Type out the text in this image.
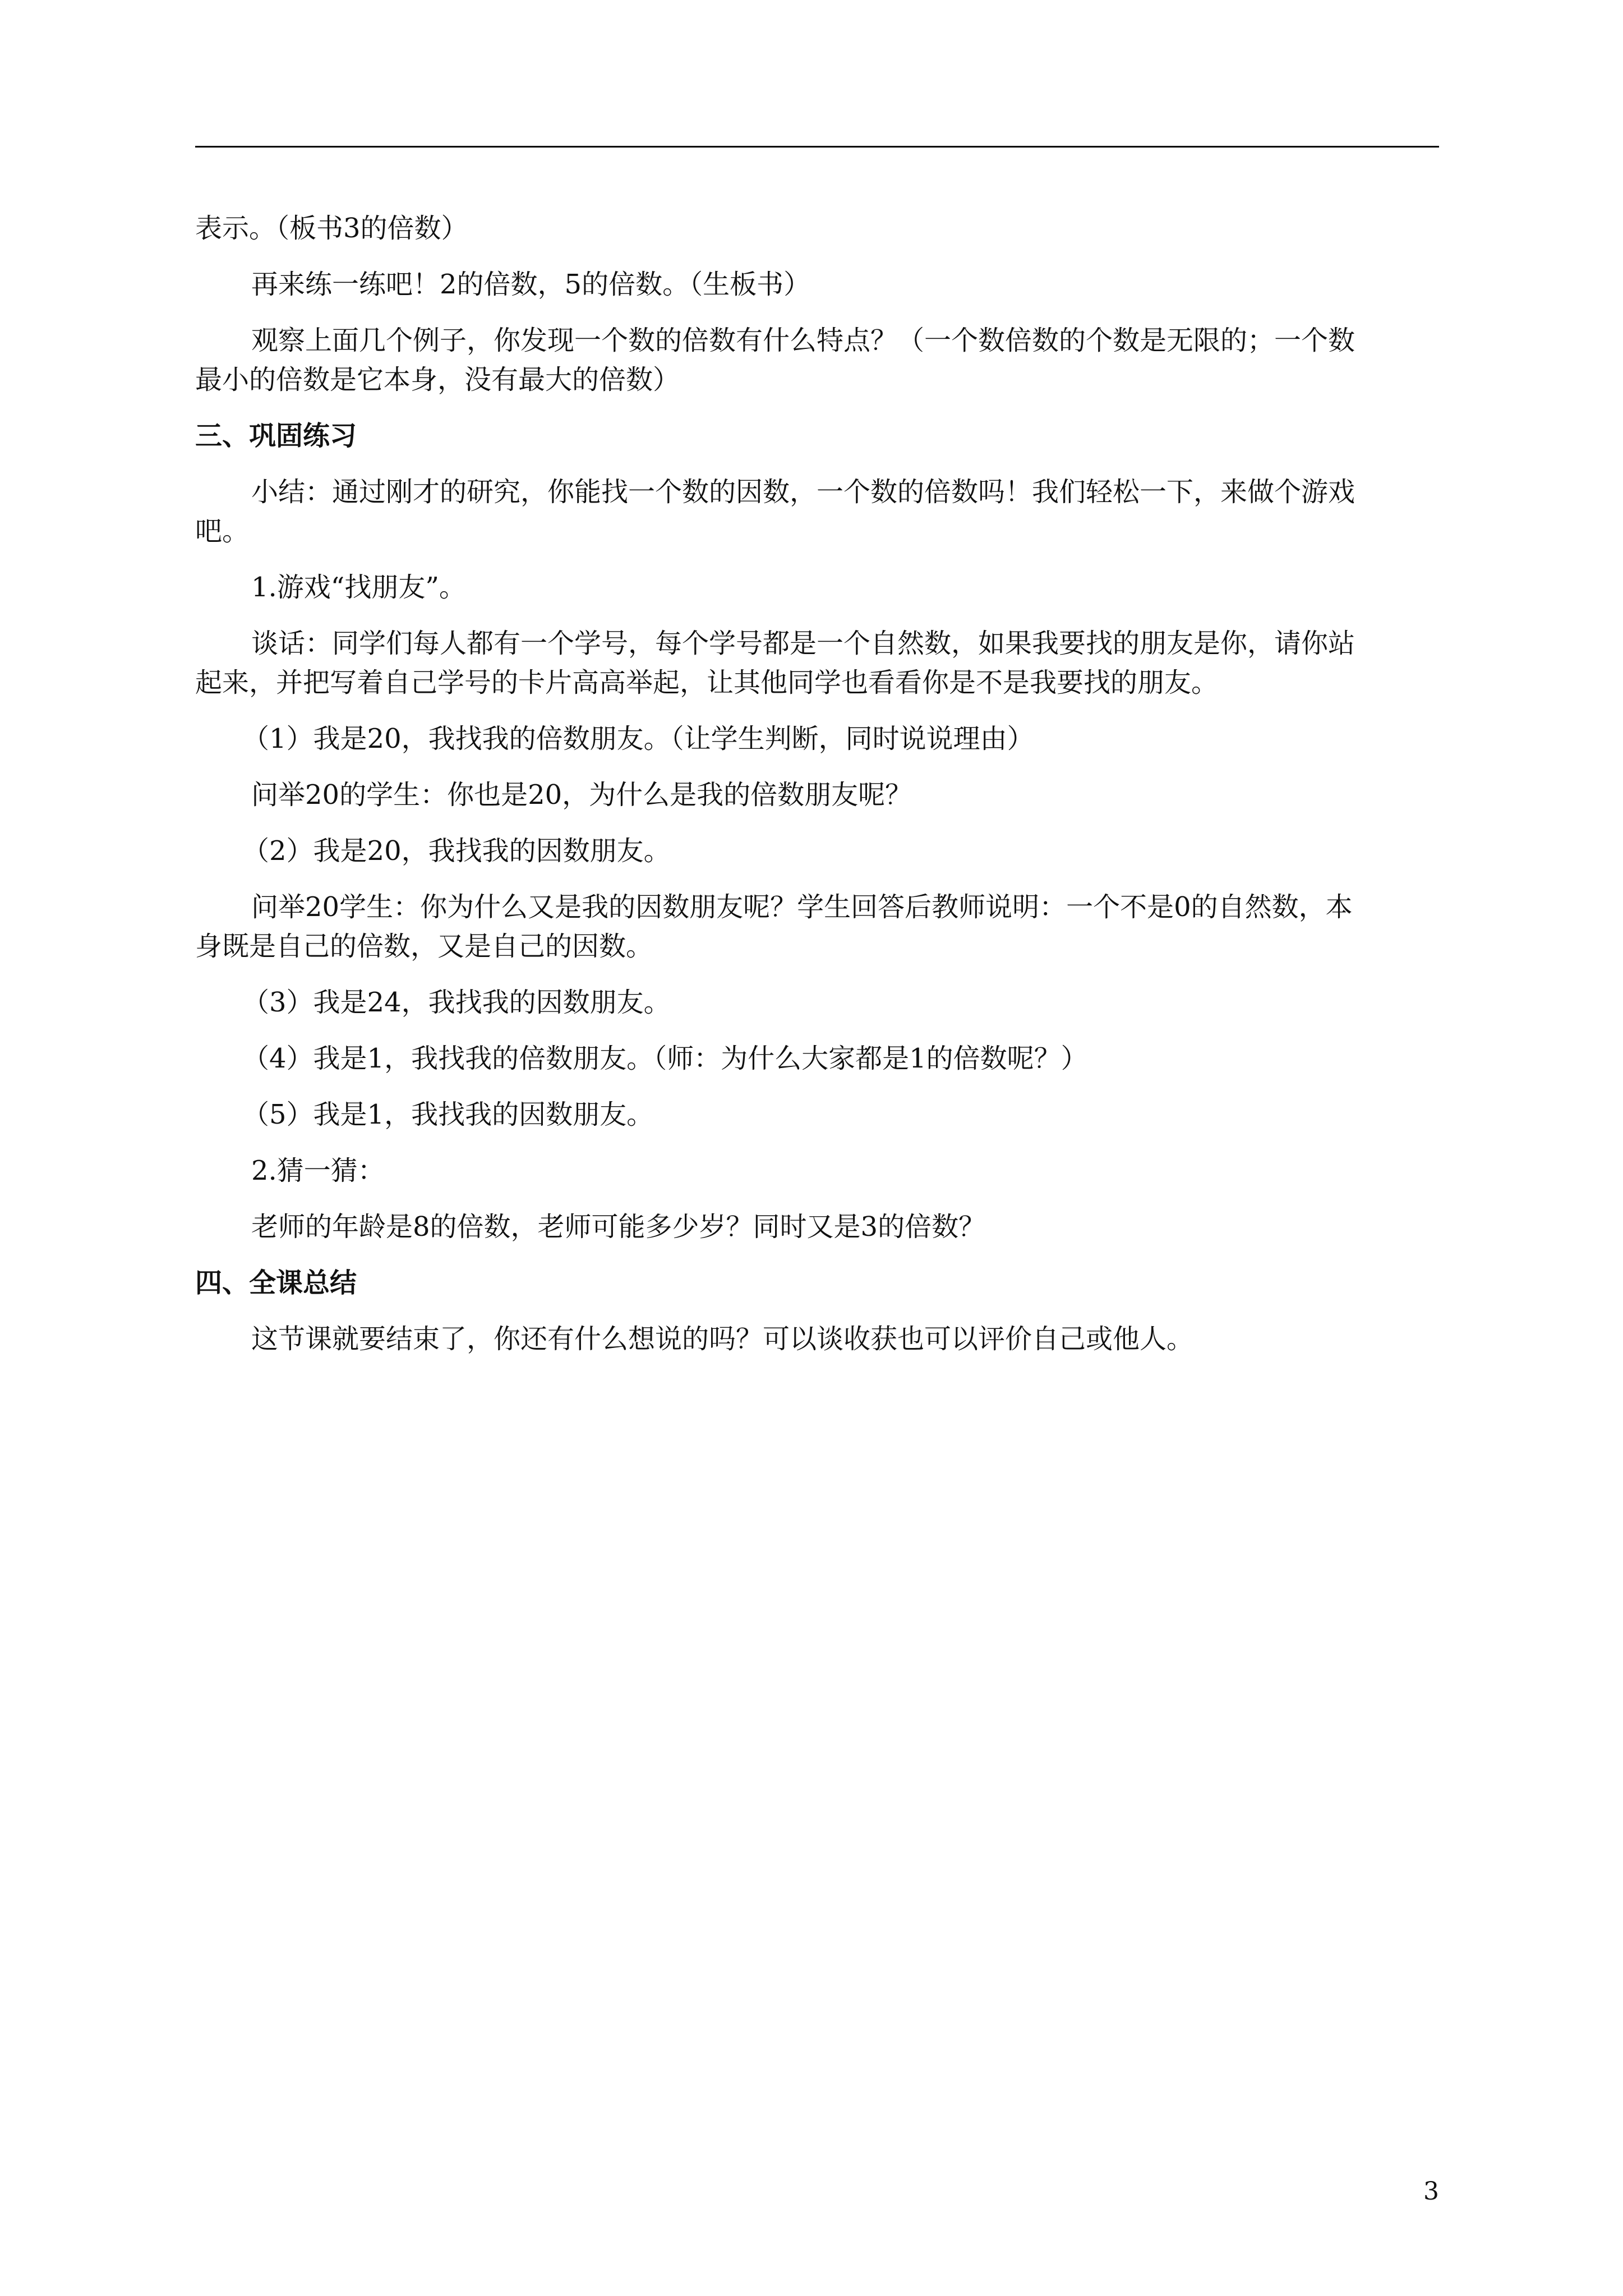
表示。（板书3的倍数）

再来练一练吧！2的倍数，5的倍数。（生板书）

观察上面几个例子，你发现一个数的倍数有什么特点？（一个数倍数的个数是无限的；一个数

最小的倍数是它本身，没有最大的倍数）

三、巩固练习

小结：通过刚才的研究，你能找一个数的因数，一个数的倍数吗！我们轻松一下，来做个游戏

吧。

1.游戏“找朋友”。

谈话：同学们每人都有一个学号，每个学号都是一个自然数，如果我要找的朋友是你，请你站

起来，并把写着自己学号的卡片高高举起，让其他同学也看看你是不是我要找的朋友。

（1）我是20，我找我的倍数朋友。（让学生判断，同时说说理由）

问举20的学生：你也是20，为什么是我的倍数朋友呢？

（2）我是20，我找我的因数朋友。

问举20学生：你为什么又是我的因数朋友呢？学生回答后教师说明：一个不是0的自然数，本

身既是自己的倍数，又是自己的因数。

（3）我是24，我找我的因数朋友。

（4）我是1，我找我的倍数朋友。（师：为什么大家都是1的倍数呢？）

（5）我是1，我找我的因数朋友。

2.猜一猜：

老师的年龄是8的倍数，老师可能多少岁？同时又是3的倍数？

四、全课总结

这节课就要结束了，你还有什么想说的吗？可以谈收获也可以评价自己或他人。

3
